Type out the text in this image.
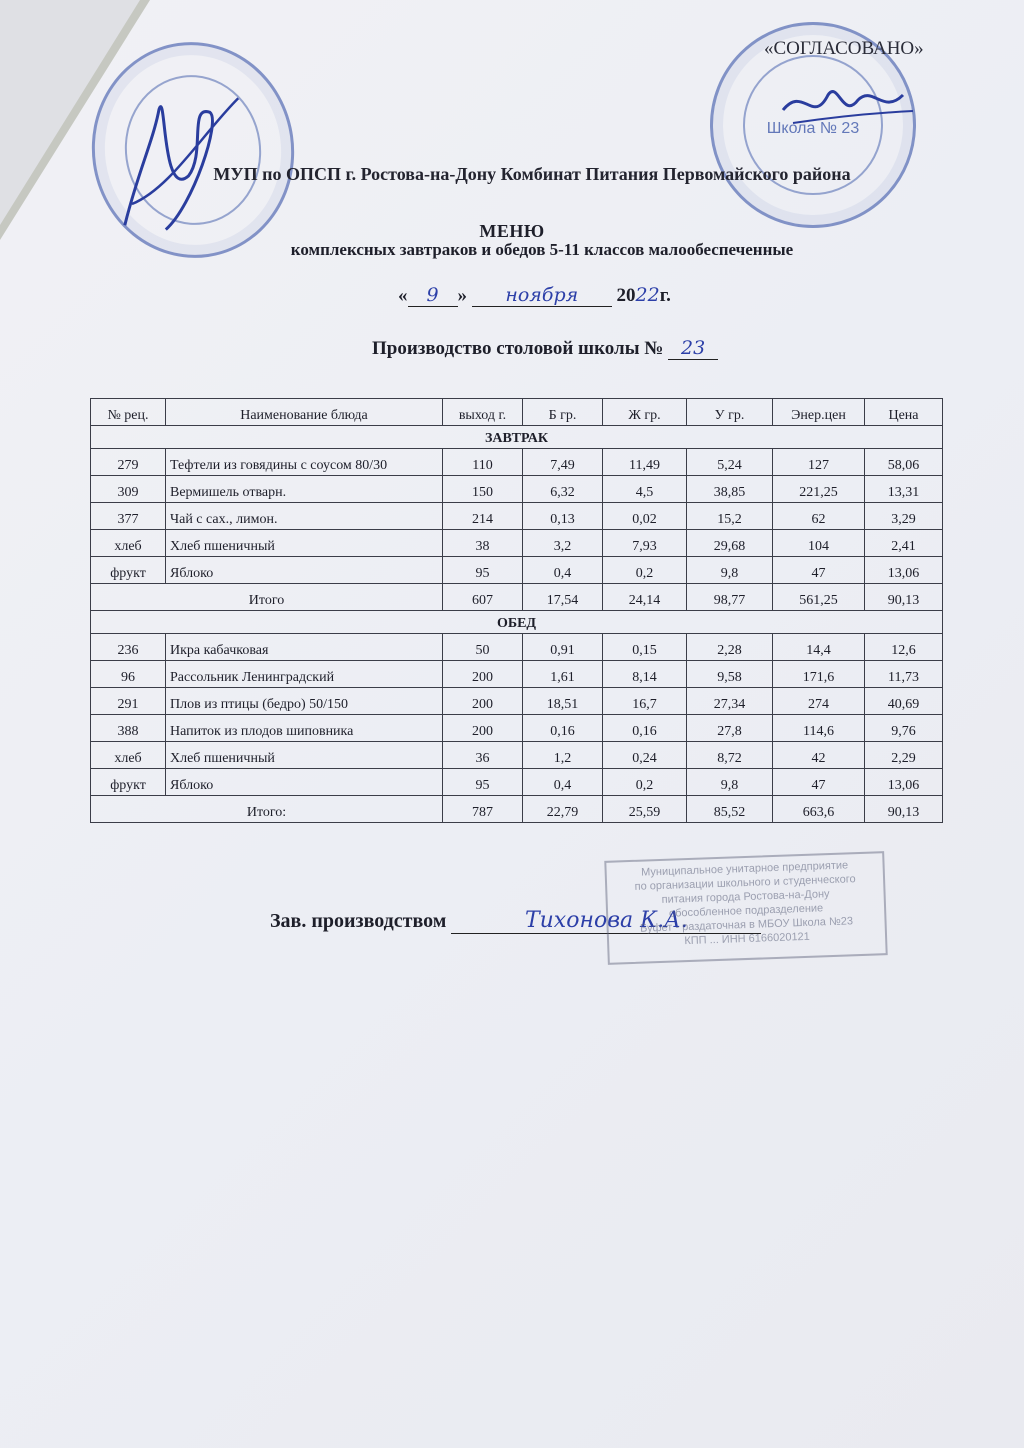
Школа № 23
«СОГЛАСОВАНО»
МУП по ОПСП г. Ростова-на-Дону Комбинат Питания Первомайского района
МЕНЮ
комплексных завтраков и обедов 5-11 классов малообеспеченные
« 9 » ноября 2022г.
Производство столовой школы № 23
№ рец.	Наименование блюда	выход г.	Б гр.	Ж гр.	У гр.	Энер.цен	Цена
ЗАВТРАК							
279	Тефтели из говядины с соусом 80/30	110	7,49	11,49	5,24	127	58,06
309	Вермишель отварн.	150	6,32	4,5	38,85	221,25	13,31
377	Чай с сах., лимон.	214	0,13	0,02	15,2	62	3,29
хлеб	Хлеб пшеничный	38	3,2	7,93	29,68	104	2,41
фрукт	Яблоко	95	0,4	0,2	9,8	47	13,06
Итого		607	17,54	24,14	98,77	561,25	90,13
ОБЕД							
236	Икра кабачковая	50	0,91	0,15	2,28	14,4	12,6
96	Рассольник Ленинградский	200	1,61	8,14	9,58	171,6	11,73
291	Плов из птицы (бедро) 50/150	200	18,51	16,7	27,34	274	40,69
388	Напиток из плодов шиповника	200	0,16	0,16	27,8	114,6	9,76
хлеб	Хлеб пшеничный	36	1,2	0,24	8,72	42	2,29
фрукт	Яблоко	95	0,4	0,2	9,8	47	13,06
Итого:		787	22,79	25,59	85,52	663,6	90,13
Зав. производством	Тихонова К.А.
Муниципальное унитарное предприятие
по организации школьного и студенческого
питания города Ростова-на-Дону
обособленное подразделение
Буфет - раздаточная в МБОУ Школа №23
КПП ... ИНН 6166020121
